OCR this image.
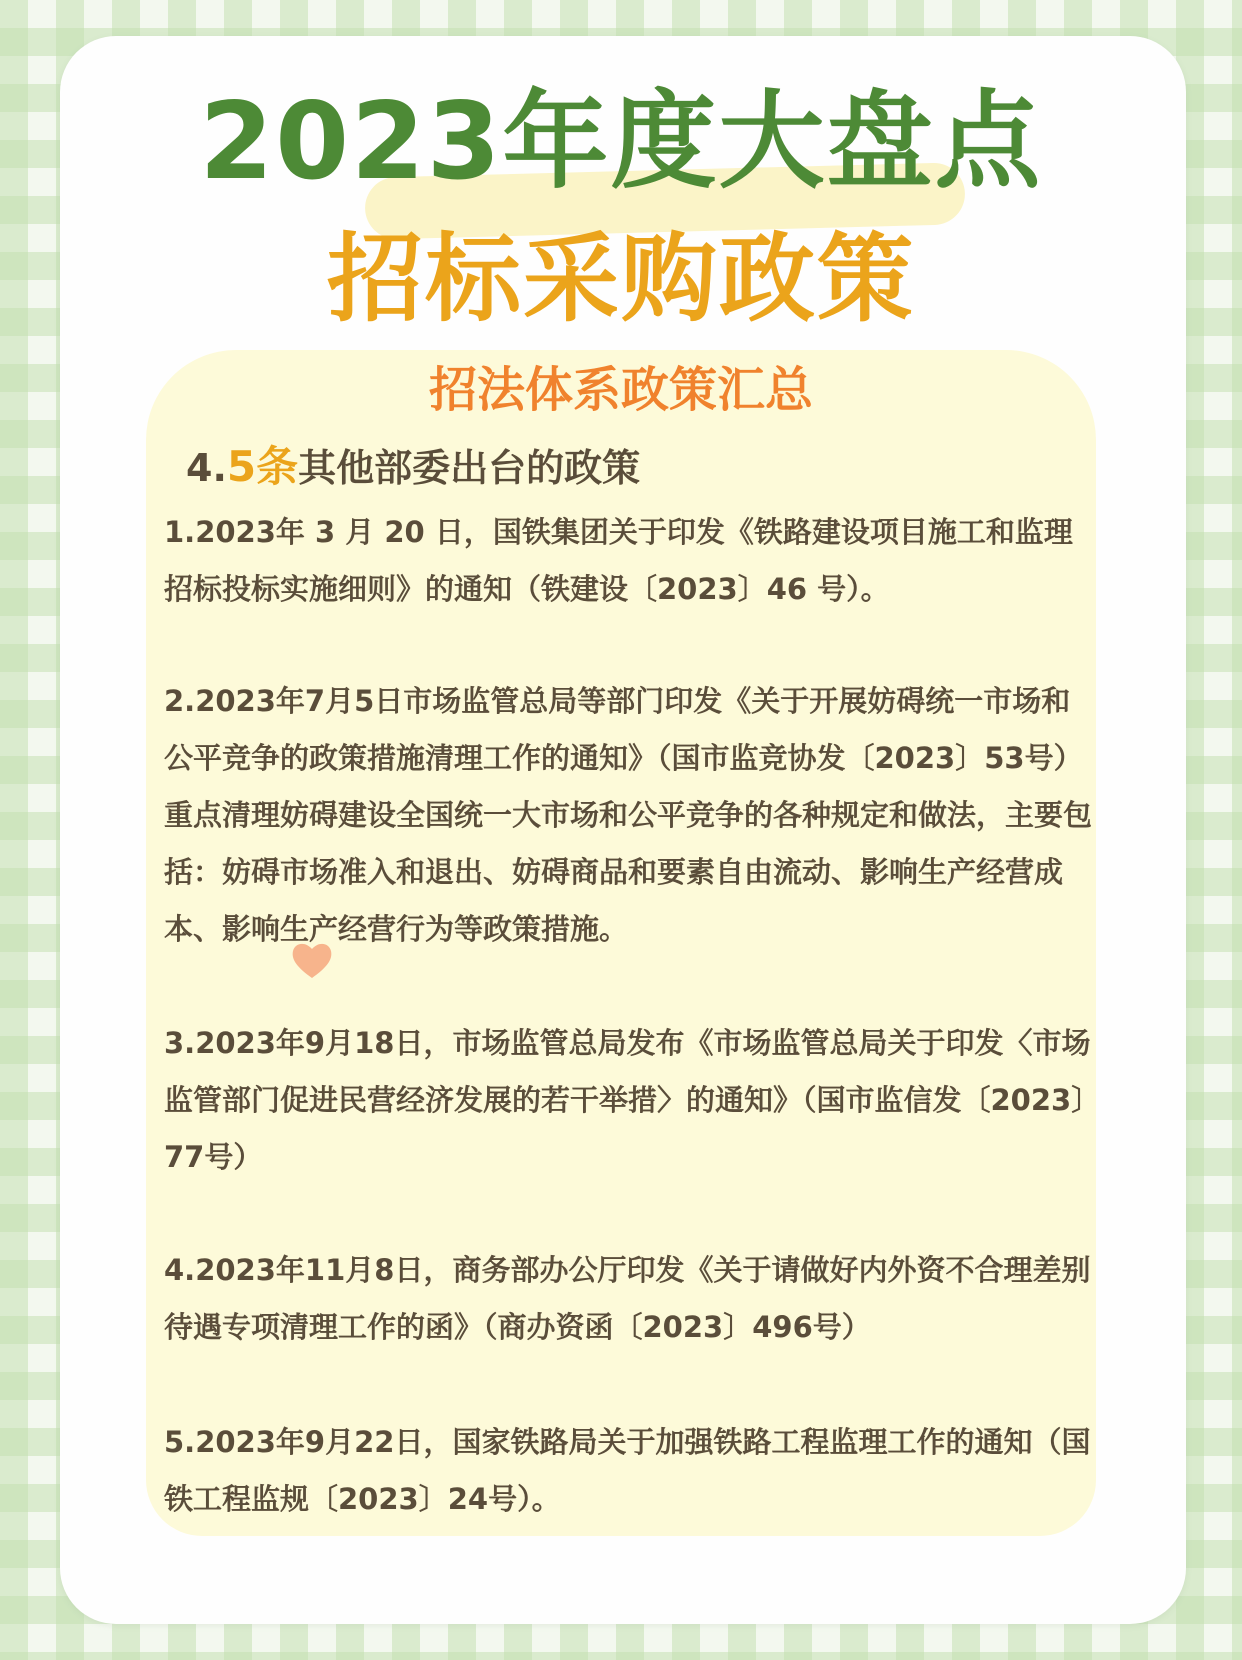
2023年度大盘点
招标采购政策
招法体系政策汇总
4.5条其他部委出台的政策

1.2023年 3 月 20 日，国铁集团关于印发《铁路建设项目施工和监理招标投标实施细则》的通知（铁建设〔2023〕46 号）。

2.2023年7月5日市场监管总局等部门印发《关于开展妨碍统一市场和公平竞争的政策措施清理工作的通知》（国市监竞协发〔2023〕53号）重点清理妨碍建设全国统一大市场和公平竞争的各种规定和做法，主要包括：妨碍市场准入和退出、妨碍商品和要素自由流动、影响生产经营成本、影响生产经营行为等政策措施。

3.2023年9月18日，市场监管总局发布《市场监管总局关于印发〈市场监管部门促进民营经济发展的若干举措〉的通知》（国市监信发〔2023〕77号）

4.2023年11月8日，商务部办公厅印发《关于请做好内外资不合理差别待遇专项清理工作的函》（商办资函〔2023〕496号）

5.2023年9月22日，国家铁路局关于加强铁路工程监理工作的通知（国铁工程监规〔2023〕24号）。
